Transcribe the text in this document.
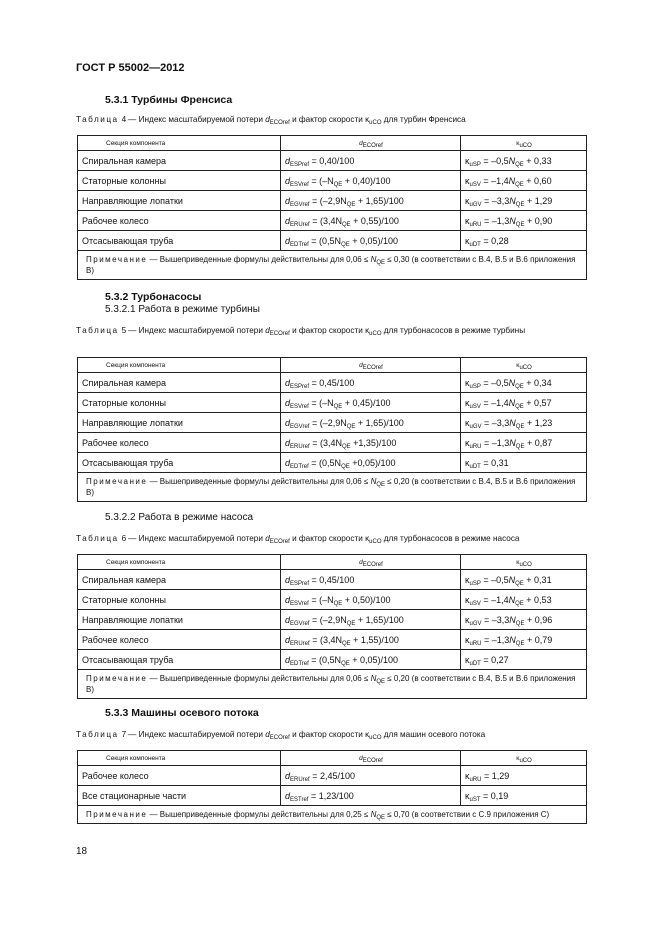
ГОСТ Р 55002—2012
5.3.1 Турбины Френсиса
Таблица 4 — Индекс масштабируемой потери $d_{ECOref}$ и фактор скорости $\kappa_{uCO}$ для турбин Френсиса
Секция компонента	$d_{ECOref}$	$\kappa_{uCO}$
Спиральная камера	$d_{ESPref} = 0,40/100$	$\kappa_{uSP} = -0,5N_{QE} + 0,33$
Статорные колонны	$d_{ESVref} = (-N_{QE} + 0,40)/100$	$\kappa_{uSV} = -1,4N_{QE} + 0,60$
Направляющие лопатки	$d_{EGVref} = (-2,9N_{QE} + 1,65)/100$	$\kappa_{uGV} = -3,3N_{QE} + 1,29$
Рабочее колесо	$d_{ERUref} = (3,4N_{QE} + 0,55)/100$	$\kappa_{uRU} = -1,3N_{QE} + 0,90$
Отсасывающая труба	$d_{EDTref} = (0,5N_{QE} + 0,05)/100$	$\kappa_{uDT} = 0,28$
Примечание — Вышеприведенные формулы действительны для $0,06 \le N_{QE} \le 0,30$ (в соответствии с В.4, В.5 и В.6 приложения В)		
5.3.2 Турбонасосы
5.3.2.1 Работа в режиме турбины
Таблица 5 — Индекс масштабируемой потери $d_{ECOref}$ и фактор скорости $\kappa_{uCO}$ для турбонасосов в режиме турбины
Секция компонента	$d_{ECOref}$	$\kappa_{uCO}$
Спиральная камера	$d_{ESPref} = 0,45/100$	$\kappa_{uSP} = -0,5N_{QE} + 0,34$
Статорные колонны	$d_{ESVref} = (-N_{QE} + 0,45)/100$	$\kappa_{uSV} = -1,4N_{QE} + 0,57$
Направляющие лопатки	$d_{EGVref} = (-2,9N_{QE} + 1,65)/100$	$\kappa_{uGV} = -3,3N_{QE} + 1,23$
Рабочее колесо	$d_{ERUref} = (3,4N_{QE} +1,35)/100$	$\kappa_{uRU} = -1,3N_{QE} + 0,87$
Отсасывающая труба	$d_{EDTref} = (0,5N_{QE} +0,05)/100$	$\kappa_{uDT} = 0,31$
Примечание — Вышеприведенные формулы действительны для $0,06 \le N_{QE} \le 0,20$ (в соответствии с В.4, В.5 и В.6 приложения В)		
5.3.2.2 Работа в режиме насоса
Таблица 6 — Индекс масштабируемой потери $d_{ECOref}$ и фактор скорости $\kappa_{uCO}$ для турбонасосов в режиме насоса
Секция компонента	$d_{ECOref}$	$\kappa_{uCO}$
Спиральная камера	$d_{ESPref} = 0,45/100$	$\kappa_{uSP} = -0,5N_{QE} + 0,31$
Статорные колонны	$d_{ESVref} = (-N_{QE} + 0,50)/100$	$\kappa_{uSV} = -1,4N_{QE} + 0,53$
Направляющие лопатки	$d_{EGVref} = (-2,9N_{QE} + 1,65)/100$	$\kappa_{uGV} = -3,3N_{QE} + 0,96$
Рабочее колесо	$d_{ERUref} = (3,4N_{QE} + 1,55)/100$	$\kappa_{uRU} = -1,3N_{QE} + 0,79$
Отсасывающая труба	$d_{EDTref} = (0,5N_{QE} + 0,05)/100$	$\kappa_{uDT} = 0,27$
Примечание — Вышеприведенные формулы действительны для $0,06 \le N_{QE} \le 0,20$ (в соответствии с В.4, В.5 и В.6 приложения В)		
5.3.3 Машины осевого потока
Таблица 7 — Индекс масштабируемой потери $d_{ECOref}$ и фактор скорости $\kappa_{uCO}$ для машин осевого потока
Секция компонента	$d_{ECOref}$	$\kappa_{uCO}$
Рабочее колесо	$d_{ERUref} = 2,45/100$	$\kappa_{uRU} = 1,29$
Все стационарные части	$d_{ESTref} = 1,23/100$	$\kappa_{uST} = 0,19$
Примечание — Вышеприведенные формулы действительны для $0,25 \le N_{QE} \le 0,70$ (в соответствии с С.9 приложения С)		
18
